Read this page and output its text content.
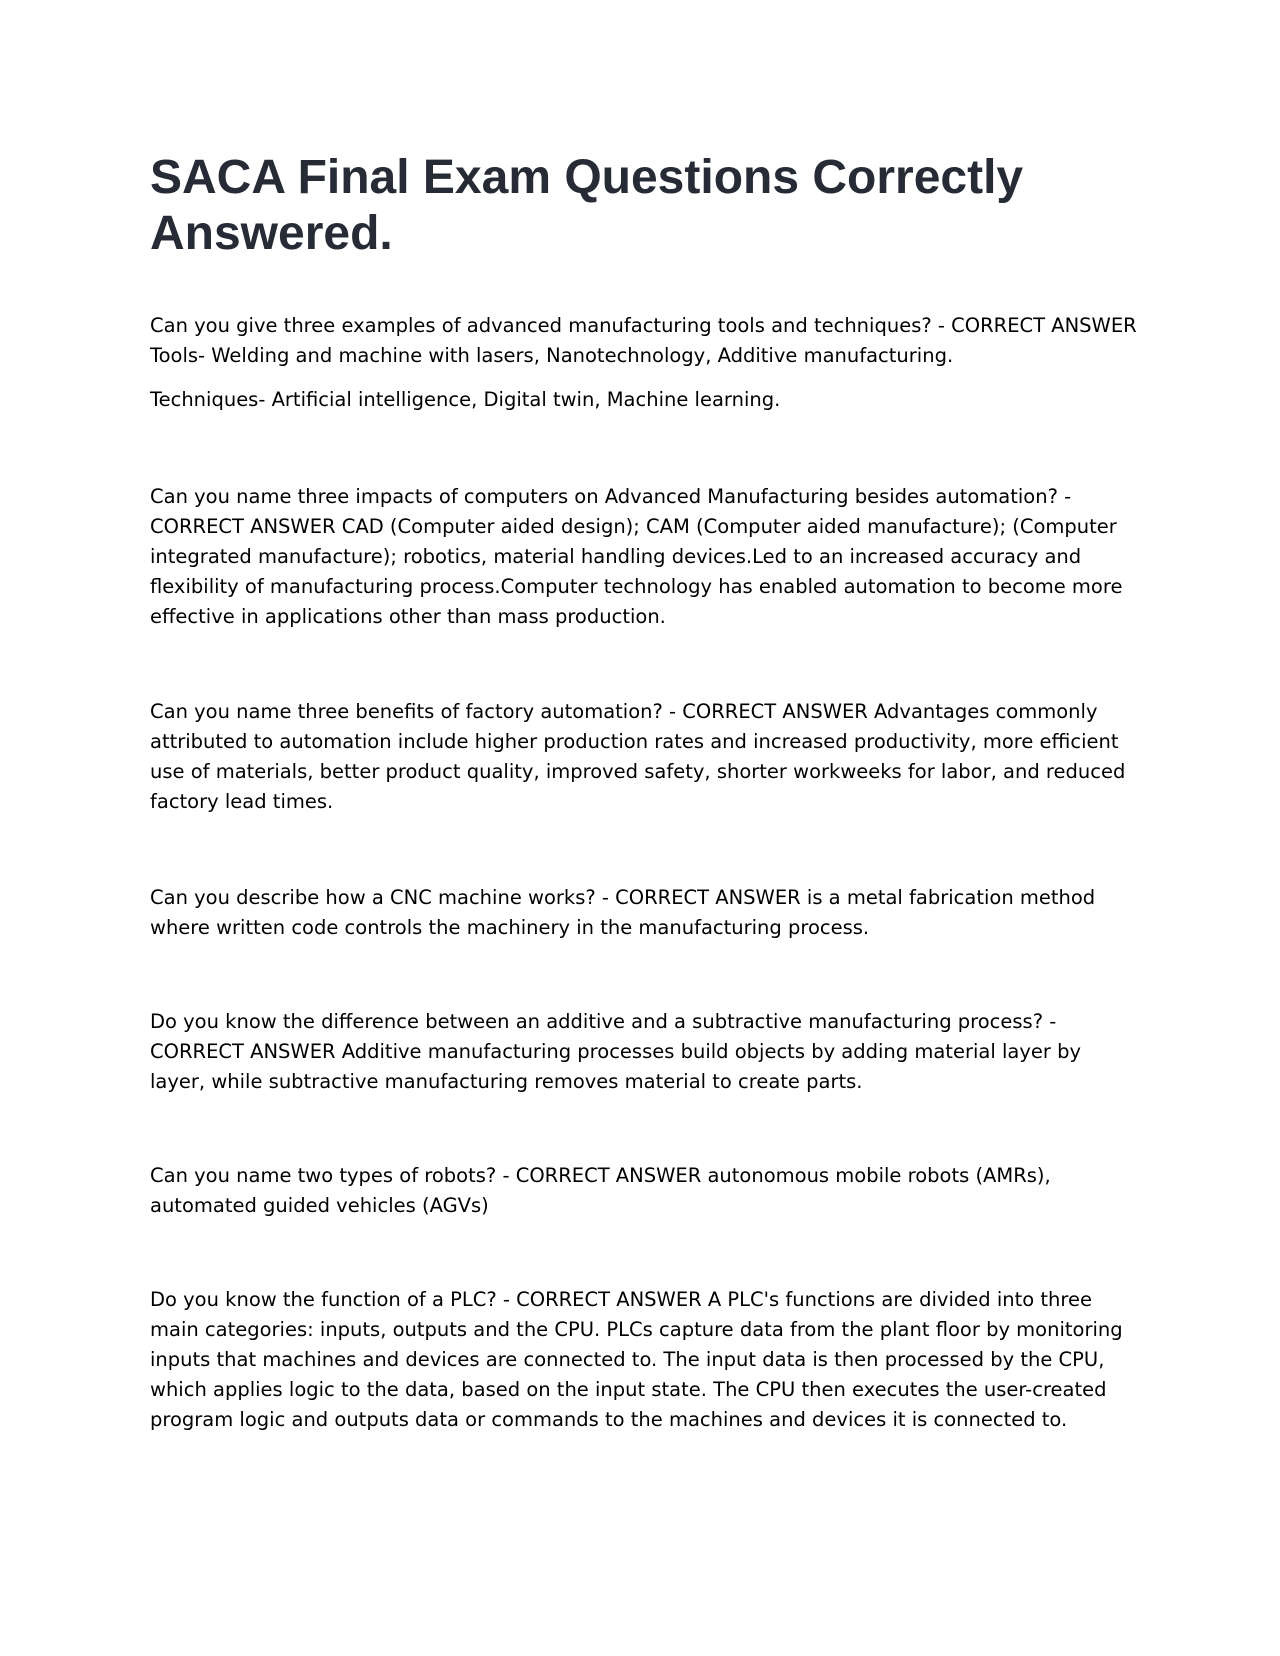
SACA Final Exam Questions Correctly Answered.

Can you give three examples of advanced manufacturing tools and techniques? - CORRECT ANSWER Tools- Welding and machine with lasers, Nanotechnology, Additive manufacturing.

Techniques- Artificial intelligence, Digital twin, Machine learning.

Can you name three impacts of computers on Advanced Manufacturing besides automation? - CORRECT ANSWER CAD (Computer aided design); CAM (Computer aided manufacture); (Computer integrated manufacture); robotics, material handling devices.Led to an increased accuracy and flexibility of manufacturing process.Computer technology has enabled automation to become more effective in applications other than mass production.

Can you name three benefits of factory automation? - CORRECT ANSWER Advantages commonly attributed to automation include higher production rates and increased productivity, more efficient use of materials, better product quality, improved safety, shorter workweeks for labor, and reduced factory lead times.

Can you describe how a CNC machine works? - CORRECT ANSWER is a metal fabrication method where written code controls the machinery in the manufacturing process.

Do you know the difference between an additive and a subtractive manufacturing process? - CORRECT ANSWER Additive manufacturing processes build objects by adding material layer by layer, while subtractive manufacturing removes material to create parts.

Can you name two types of robots? - CORRECT ANSWER autonomous mobile robots (AMRs), automated guided vehicles (AGVs)

Do you know the function of a PLC? - CORRECT ANSWER A PLC's functions are divided into three main categories: inputs, outputs and the CPU. PLCs capture data from the plant floor by monitoring inputs that machines and devices are connected to. The input data is then processed by the CPU, which applies logic to the data, based on the input state. The CPU then executes the user-created program logic and outputs data or commands to the machines and devices it is connected to.
